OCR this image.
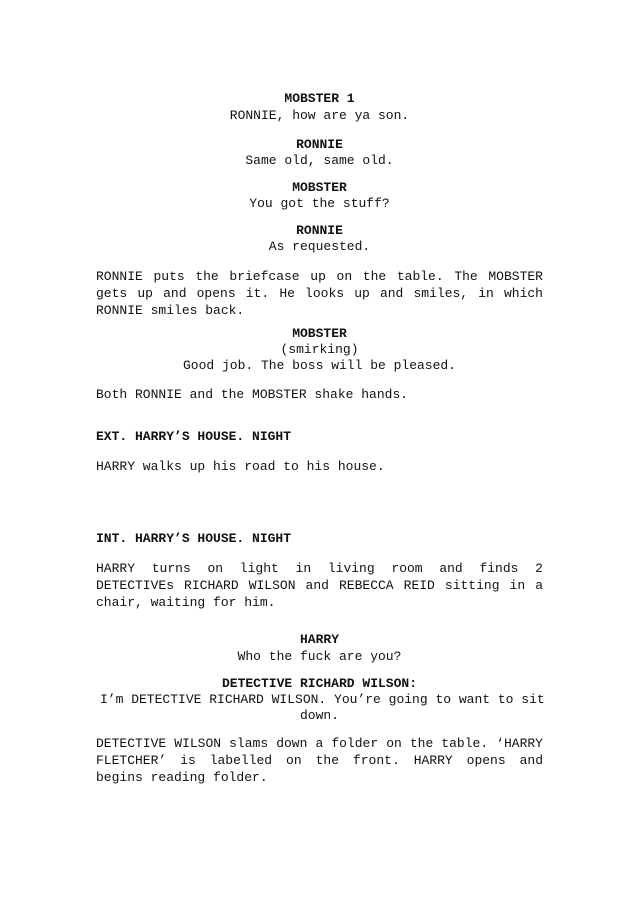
MOBSTER 1
RONNIE, how are ya son.
RONNIE
Same old, same old.
MOBSTER
You got the stuff?
RONNIE
As requested.
RONNIE puts the briefcase up on the table. The MOBSTER
gets up and opens it. He looks up and smiles, in which
RONNIE smiles back.
MOBSTER
(smirking)
Good job. The boss will be pleased.
Both RONNIE and the MOBSTER shake hands.
EXT. HARRY’S HOUSE. NIGHT
HARRY walks up his road to his house.
INT. HARRY’S HOUSE. NIGHT
HARRY turns on light in living room and finds 2
DETECTIVEs RICHARD WILSON and REBECCA REID sitting in a
chair, waiting for him.
HARRY
Who the fuck are you?
DETECTIVE RICHARD WILSON:
I’m DETECTIVE RICHARD WILSON. You’re going to want to sit
down.
DETECTIVE WILSON slams down a folder on the table. ‘HARRY
FLETCHER’ is labelled on the front. HARRY opens and
begins reading folder.
